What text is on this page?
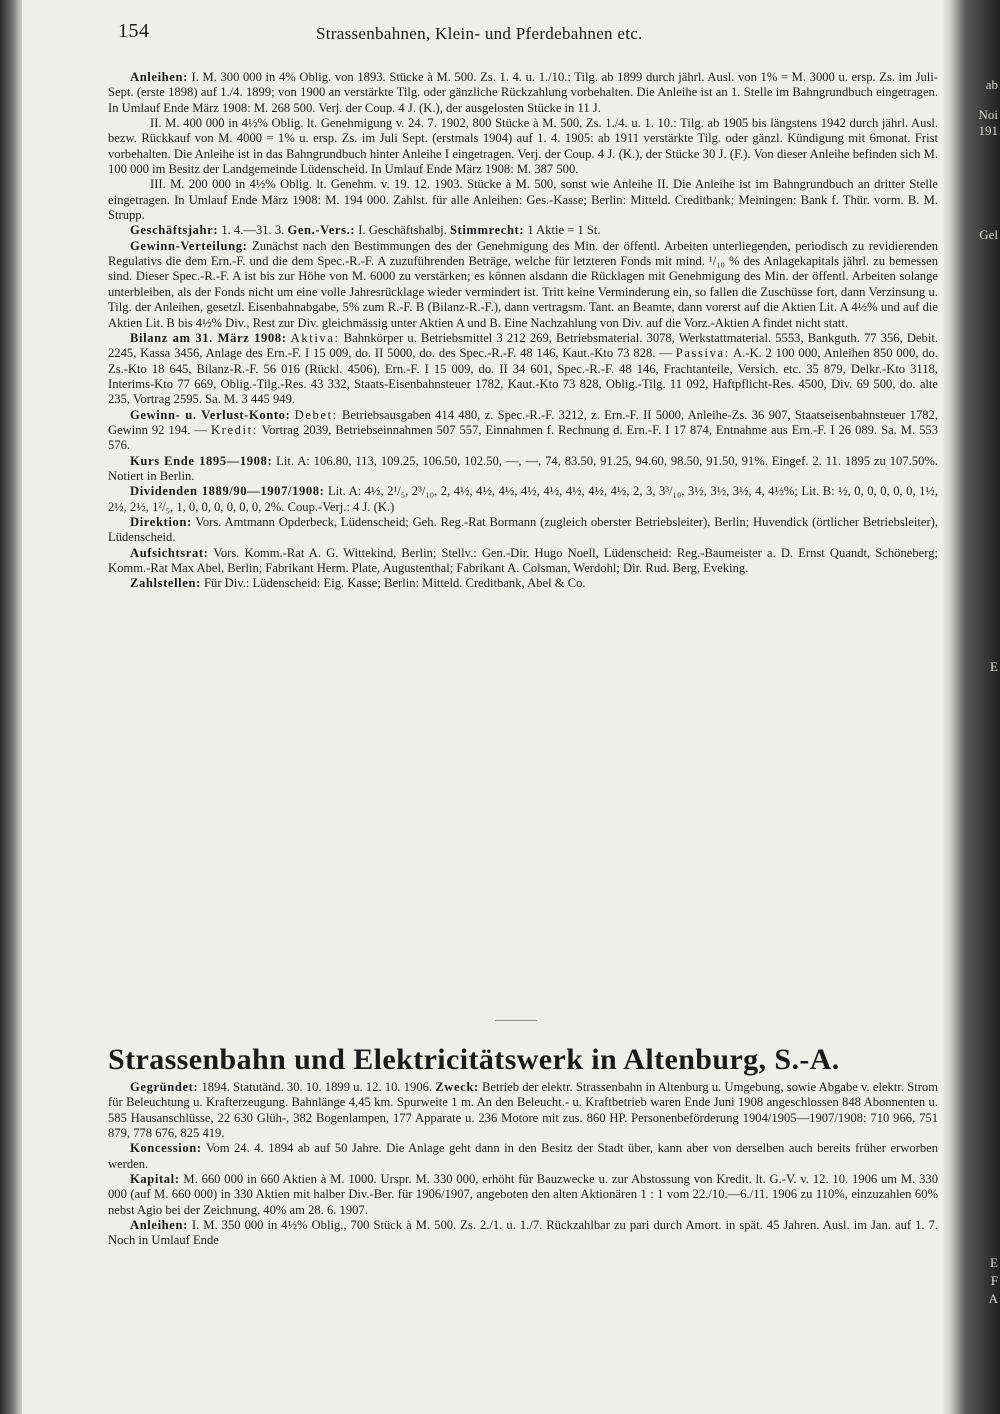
ab
Noi
191
E
Gel
E
F
A
154	Strassenbahnen, Klein- und Pferdebahnen etc.

Anleihen: I. M. 300 000 in 4% Oblig. von 1893. Stücke à M. 500. Zs. 1. 4. u. 1./10.: Tilg. ab 1899 durch jährl. Ausl. von 1% = M. 3000 u. ersp. Zs. im Juli-Sept. (erste 1898) auf 1./4. 1899; von 1900 an verstärkte Tilg. oder gänzliche Rückzahlung vorbehalten. Die Anleihe ist an 1. Stelle im Bahngrundbuch eingetragen. In Umlauf Ende März 1908: M. 268 500. Verj. der Coup. 4 J. (K.), der ausgelosten Stücke in 11 J.

II. M. 400 000 in 4½% Oblig. lt. Genehmigung v. 24. 7. 1902, 800 Stücke à M. 500, Zs. 1./4. u. 1. 10.: Tilg. ab 1905 bis längstens 1942 durch jährl. Ausl. bezw. Rückkauf von M. 4000 = 1% u. ersp. Zs. im Juli Sept. (erstmals 1904) auf 1. 4. 1905: ab 1911 verstärkte Tilg. oder gänzl. Kündigung mit 6monat. Frist vorbehalten. Die Anleihe ist in das Bahngrundbuch hinter Anleihe I eingetragen. Verj. der Coup. 4 J. (K.), der Stücke 30 J. (F.). Von dieser Anleihe befinden sich M. 100 000 im Besitz der Landgemeinde Lüdenscheid. In Umlauf Ende März 1908: M. 387 500.

III. M. 200 000 in 4½% Oblig. lt. Genehm. v. 19. 12. 1903. Stücke à M. 500, sonst wie Anleihe II. Die Anleihe ist im Bahngrundbuch an dritter Stelle eingetragen. In Umlauf Ende März 1908: M. 194 000. Zahlst. für alle Anleihen: Ges.-Kasse; Berlin: Mitteld. Creditbank; Meiningen: Bank f. Thür. vorm. B. M. Strupp.

Geschäftsjahr: 1. 4.—31. 3. Gen.-Vers.: I. Geschäftshalbj. Stimmrecht: 1 Aktie = 1 St.

Gewinn-Verteilung: Zunächst nach den Bestimmungen des der Genehmigung des Min. der öffentl. Arbeiten unterliegenden, periodisch zu revidierenden Regulativs die dem Ern.-F. und die dem Spec.-R.-F. A zuzuführenden Beträge, welche für letzteren Fonds mit mind. ¹/₁₀ % des Anlagekapitals jährl. zu bemessen sind. Dieser Spec.-R.-F. A ist bis zur Höhe von M. 6000 zu verstärken; es können alsdann die Rücklagen mit Genehmigung des Min. der öffentl. Arbeiten solange unterbleiben, als der Fonds nicht um eine volle Jahresrücklage wieder vermindert ist. Tritt keine Verminderung ein, so fallen die Zuschüsse fort, dann Verzinsung u. Tilg. der Anleihen, gesetzl. Eisenbahnabgabe, 5% zum R.-F. B (Bilanz-R.-F.), dann vertragsm. Tant. an Beamte, dann vorerst auf die Aktien Lit. A 4½% und auf die Aktien Lit. B bis 4½% Div., Rest zur Div. gleichmässig unter Aktien A und B. Eine Nachzahlung von Div. auf die Vorz.-Aktien A findet nicht statt.

Bilanz am 31. März 1908: Aktiva: Bahnkörper u. Betriebsmittel 3 212 269, Betriebsmaterial. 3078, Werkstattmaterial. 5553, Bankguth. 77 356, Debit. 2245, Kassa 3456, Anlage des Ern.-F. I 15 009, do. II 5000, do. des Spec.-R.-F. 48 146, Kaut.-Kto 73 828. — Passiva: A.-K. 2 100 000, Anleihen 850 000, do. Zs.-Kto 18 645, Bilanz-R.-F. 56 016 (Rückl. 4506), Ern.-F. I 15 009, do. II 34 601, Spec.-R.-F. 48 146, Frachtanteile, Versich. etc. 35 879, Delkr.-Kto 3118, Interims-Kto 77 669, Oblig.-Tilg.-Res. 43 332, Staats-Eisenbahnsteuer 1782, Kaut.-Kto 73 828, Oblig.-Tilg. 11 092, Haftpflicht-Res. 4500, Div. 69 500, do. alte 235, Vortrag 2595. Sa. M. 3 445 949.

Gewinn- u. Verlust-Konto: Debet: Betriebsausgaben 414 480, z. Spec.-R.-F. 3212, z. Ern.-F. II 5000, Anleihe-Zs. 36 907, Staatseisenbahnsteuer 1782, Gewinn 92 194. — Kredit: Vortrag 2039, Betriebseinnahmen 507 557, Einnahmen f. Rechnung d. Ern.-F. I 17 874, Entnahme aus Ern.-F. I 26 089. Sa. M. 553 576.

Kurs Ende 1895—1908: Lit. A: 106.80, 113, 109.25, 106.50, 102.50, —, —, 74, 83.50, 91.25, 94.60, 98.50, 91.50, 91%. Eingef. 2. 11. 1895 zu 107.50%. Notiert in Berlin.

Dividenden 1889/90—1907/1908: Lit. A: 4½, 2¹/₅, 2³/₁₀, 2, 4½, 4½, 4½, 4½, 4½, 4½, 4½, 4½, 2, 3, 3³/₁₀, 3½, 3½, 3½, 4, 4½%; Lit. B: ½, 0, 0, 0, 0, 0, 1½, 2½, 2½, 1²/₅, 1, 0, 0, 0, 0, 0, 0, 2%. Coup.-Verj.: 4 J. (K.)

Direktion: Vors. Amtmann Opderbeck, Lüdenscheid; Geh. Reg.-Rat Bormann (zugleich oberster Betriebsleiter), Berlin; Huvendick (örtlicher Betriebsleiter), Lüdenscheid.

Aufsichtsrat: Vors. Komm.-Rat A. G. Wittekind, Berlin; Stellv.: Gen.-Dir. Hugo Noell, Lüdenscheid: Reg.-Baumeister a. D. Ernst Quandt, Schöneberg; Komm.-Rat Max Abel, Berlin; Fabrikant Herm. Plate, Augustenthal; Fabrikant A. Colsman, Werdohl; Dir. Rud. Berg, Eveking.

Zahlstellen: Für Div.: Lüdenscheid: Eig. Kasse; Berlin: Mitteld. Creditbank, Abel & Co.

Strassenbahn und Elektricitätswerk in Altenburg, S.-A.

Gegründet: 1894. Statutänd. 30. 10. 1899 u. 12. 10. 1906. Zweck: Betrieb der elektr. Strassenbahn in Altenburg u. Umgebung, sowie Abgabe v. elektr. Strom für Beleuchtung u. Krafterzeugung. Bahnlänge 4,45 km. Spurweite 1 m. An den Beleucht.- u. Kraftbetrieb waren Ende Juni 1908 angeschlossen 848 Abonnenten u. 585 Hausanschlüsse, 22 630 Glüh-, 382 Bogenlampen, 177 Apparate u. 236 Motore mit zus. 860 HP. Personenbeförderung 1904/1905—1907/1908: 710 966, 751 879, 778 676, 825 419.

Koncession: Vom 24. 4. 1894 ab auf 50 Jahre. Die Anlage geht dann in den Besitz der Stadt über, kann aber von derselben auch bereits früher erworben werden.

Kapital: M. 660 000 in 660 Aktien à M. 1000. Urspr. M. 330 000, erhöht für Bauzwecke u. zur Abstossung von Kredit. lt. G.-V. v. 12. 10. 1906 um M. 330 000 (auf M. 660 000) in 330 Aktien mit halber Div.-Ber. für 1906/1907, angeboten den alten Aktionären 1 : 1 vom 22./10.—6./11. 1906 zu 110%, einzuzahlen 60% nebst Agio bei der Zeichnung, 40% am 28. 6. 1907.

Anleihen: I. M. 350 000 in 4½% Oblig., 700 Stück à M. 500. Zs. 2./1. u. 1./7. Rückzahlbar zu pari durch Amort. in spät. 45 Jahren. Ausl. im Jan. auf 1. 7. Noch in Umlauf Ende
